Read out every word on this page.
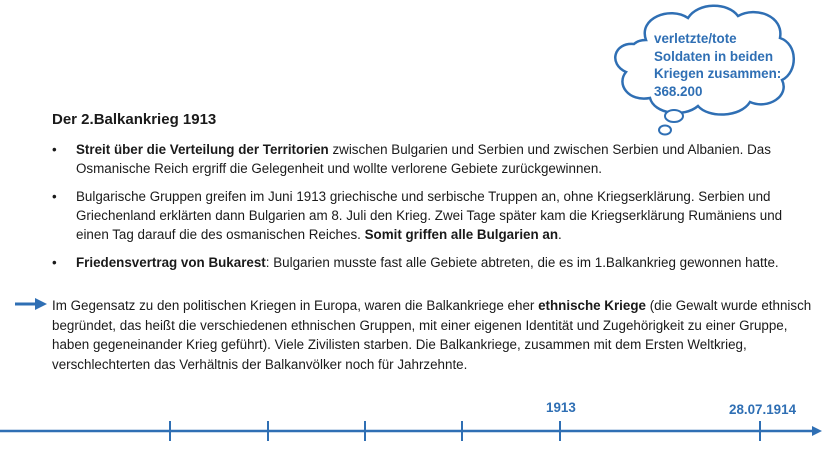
verletzte/tote
Soldaten in beiden
Kriegen zusammen:
368.200
Der 2.Balkankrieg 1913
• Streit über die Verteilung der Territorien zwischen Bulgarien und Serbien und zwischen Serbien und Albanien. Das Osmanische Reich ergriff die Gelegenheit und wollte verlorene Gebiete zurückgewinnen.
• Bulgarische Gruppen greifen im Juni 1913 griechische und serbische Truppen an, ohne Kriegserklärung. Serbien und Griechenland erklärten dann Bulgarien am 8. Juli den Krieg. Zwei Tage später kam die Kriegserklärung Rumäniens und einen Tag darauf die des osmanischen Reiches. Somit griffen alle Bulgarien an.
• Friedensvertrag von Bukarest: Bulgarien musste fast alle Gebiete abtreten, die es im 1.Balkankrieg gewonnen hatte.

Im Gegensatz zu den politischen Kriegen in Europa, waren die Balkankriege eher ethnische Kriege (die Gewalt wurde ethnisch begründet, das heißt die verschiedenen ethnischen Gruppen, mit einer eigenen Identität und Zugehörigkeit zu einer Gruppe, haben gegeneinander Krieg geführt). Viele Zivilisten starben. Die Balkankriege, zusammen mit dem Ersten Weltkrieg, verschlechterten das Verhältnis der Balkanvölker noch für Jahrzehnte.

1913	28.07.1914
